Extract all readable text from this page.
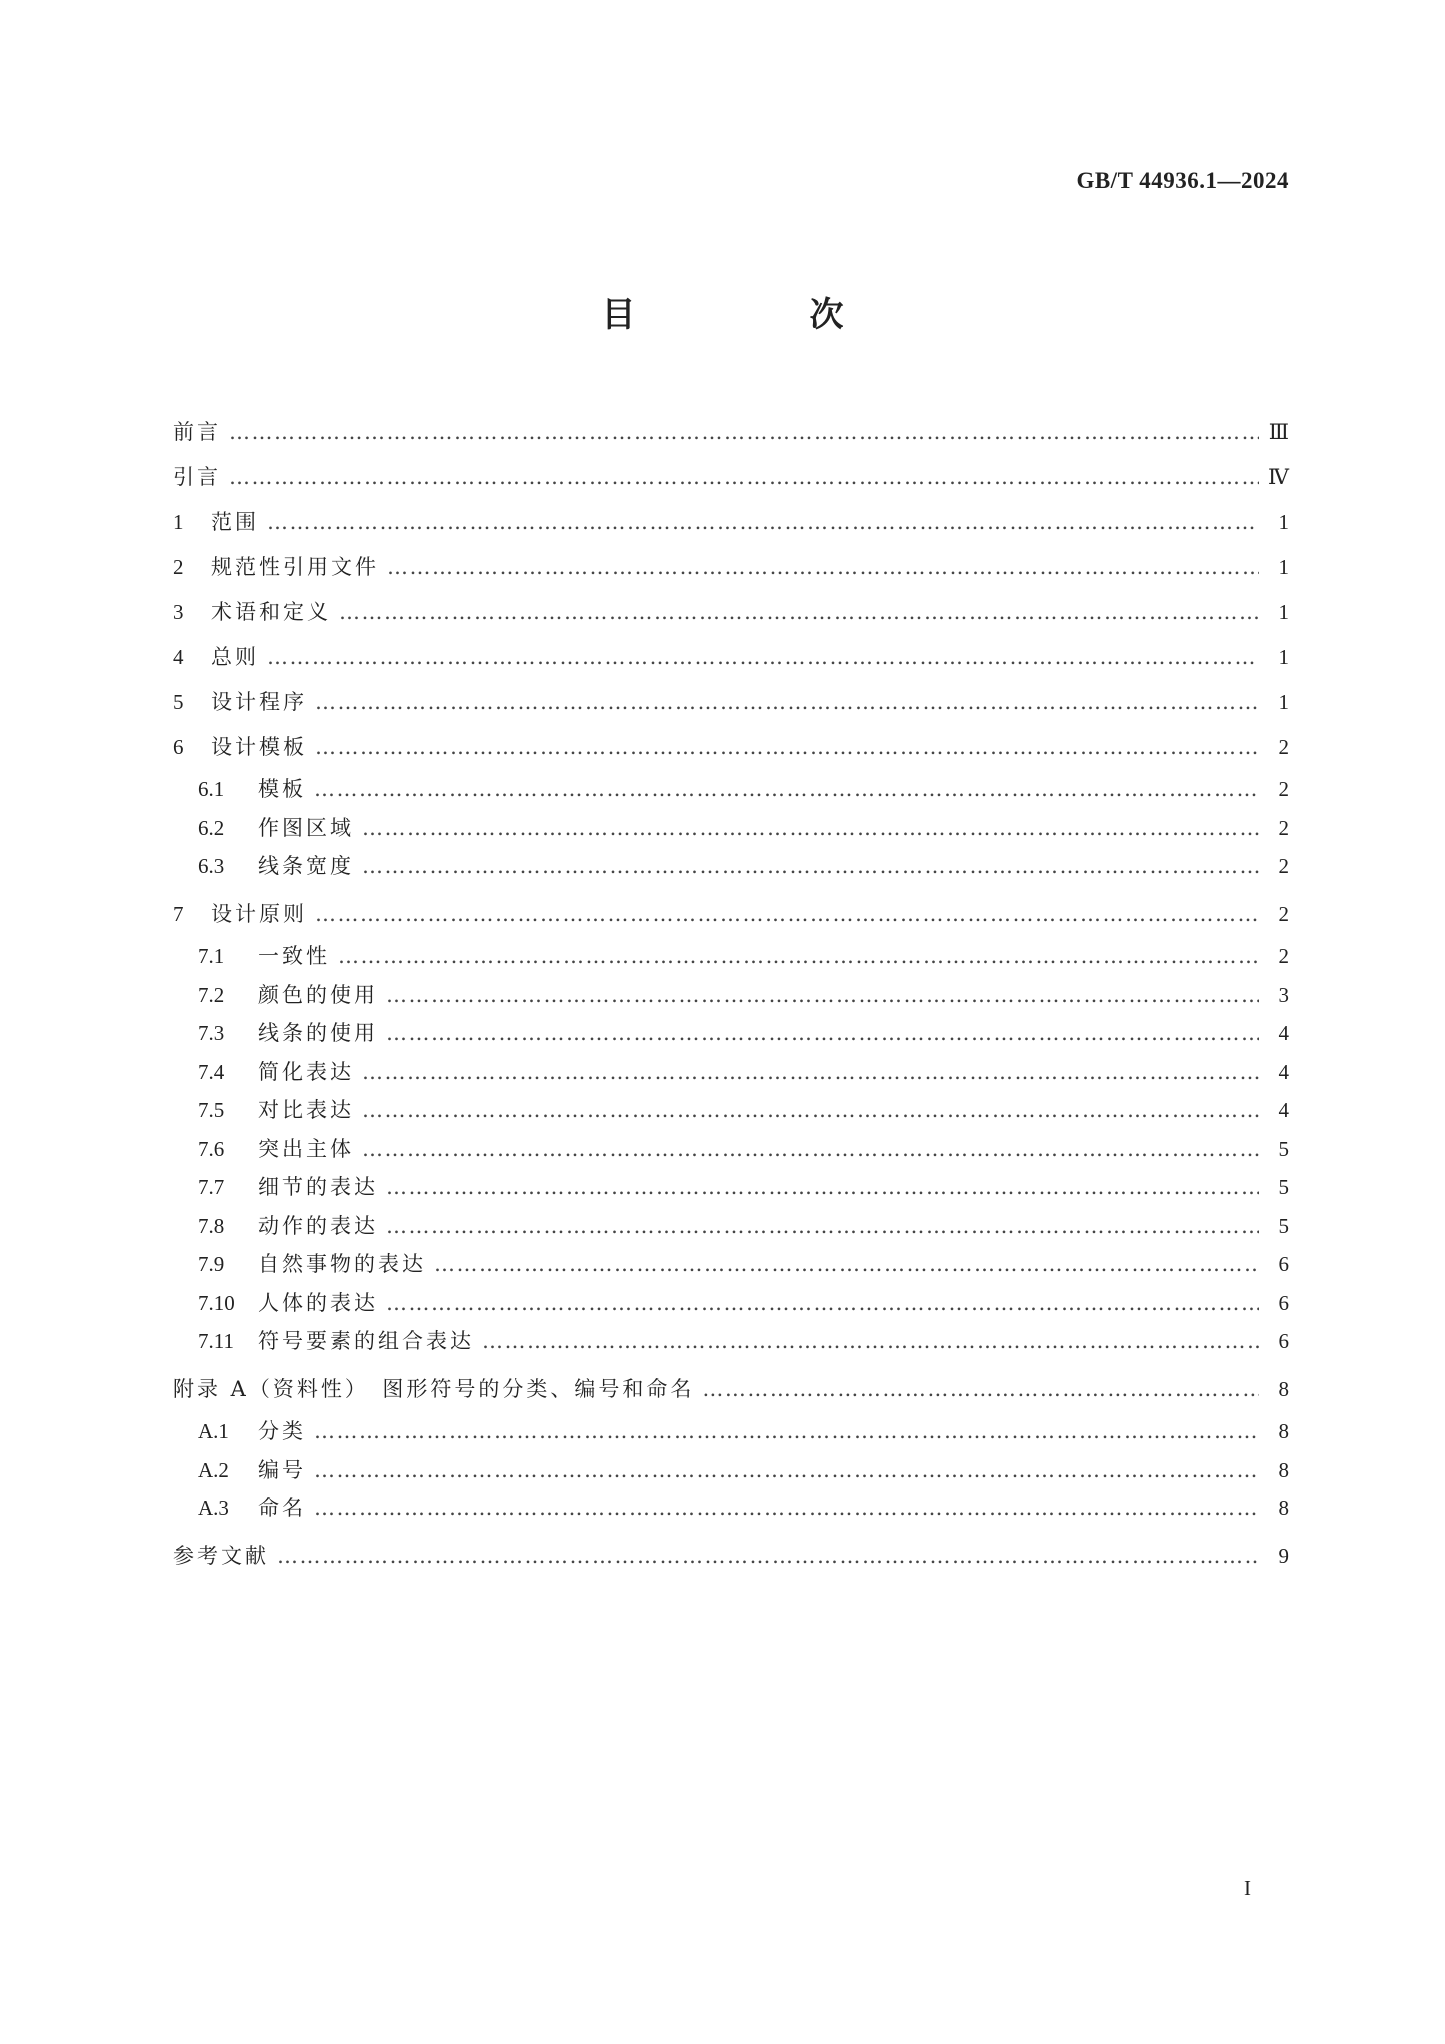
GB/T 44936.1—2024
目　次
前言 ……………………………………………………………………………………………………………………………………………………………………	Ⅲ
引言 ……………………………………………………………………………………………………………………………………………………………………	Ⅳ
1	范围 ……………………………………………………………………………………………………………………………………………………………………	1
2	规范性引用文件 ……………………………………………………………………………………………………………………………………………………………………	1
3	术语和定义 ……………………………………………………………………………………………………………………………………………………………………	1
4	总则 ……………………………………………………………………………………………………………………………………………………………………	1
5	设计程序 ……………………………………………………………………………………………………………………………………………………………………	1
6	设计模板 ……………………………………………………………………………………………………………………………………………………………………	2
6.1	模板 ……………………………………………………………………………………………………………………………………………………………………	2
6.2	作图区域 ……………………………………………………………………………………………………………………………………………………………………	2
6.3	线条宽度 ……………………………………………………………………………………………………………………………………………………………………	2
7	设计原则 ……………………………………………………………………………………………………………………………………………………………………	2
7.1	一致性 ……………………………………………………………………………………………………………………………………………………………………	2
7.2	颜色的使用 ……………………………………………………………………………………………………………………………………………………………………	3
7.3	线条的使用 ……………………………………………………………………………………………………………………………………………………………………	4
7.4	简化表达 ……………………………………………………………………………………………………………………………………………………………………	4
7.5	对比表达 ……………………………………………………………………………………………………………………………………………………………………	4
7.6	突出主体 ……………………………………………………………………………………………………………………………………………………………………	5
7.7	细节的表达 ……………………………………………………………………………………………………………………………………………………………………	5
7.8	动作的表达 ……………………………………………………………………………………………………………………………………………………………………	5
7.9	自然事物的表达 ……………………………………………………………………………………………………………………………………………………………………	6
7.10	人体的表达 ……………………………………………………………………………………………………………………………………………………………………	6
7.11	符号要素的组合表达 ……………………………………………………………………………………………………………………………………………………………………	6
附录 A（资料性）　图形符号的分类、编号和命名 ……………………………………………………………………………………………………………………………………………………………………	8
A.1	分类 ……………………………………………………………………………………………………………………………………………………………………	8
A.2	编号 ……………………………………………………………………………………………………………………………………………………………………	8
A.3	命名 ……………………………………………………………………………………………………………………………………………………………………	8
参考文献 ……………………………………………………………………………………………………………………………………………………………………	9
I
